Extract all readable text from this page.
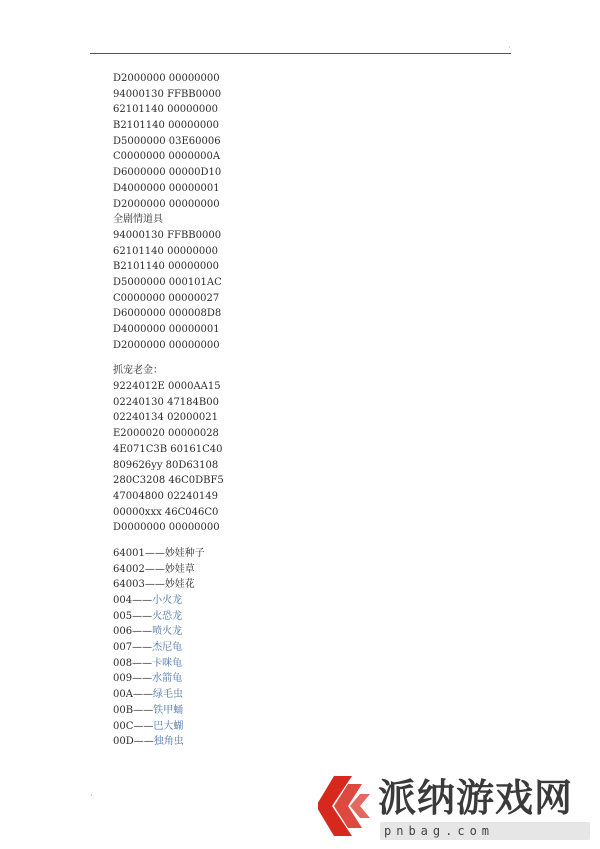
·
·
D2000000 00000000
94000130 FFBB0000
62101140 00000000
B2101140 00000000
D5000000 03E60006
C0000000 0000000A
D6000000 00000D10
D4000000 00000001
D2000000 00000000
全剧情道具
94000130 FFBB0000
62101140 00000000
B2101140 00000000
D5000000 000101AC
C0000000 00000027
D6000000 000008D8
D4000000 00000001
D2000000 00000000
抓宠老金：
9224012E 0000AA15
02240130 47184B00
02240134 02000021
E2000020 00000028
4E071C3B 60161C40
809626yy 80D63108
280C3208 46C0DBF5
47004800 02240149
00000xxx 46C046C0
D0000000 00000000
64001——妙娃种子
64002——妙娃草
64003——妙娃花
004——小火龙
005——火恐龙
006——喷火龙
007——杰尼龟
008——卡咪龟
009——水箭龟
00A——绿毛虫
00B——铁甲蛹
00C——巴大蝴
00D——独角虫
派纳游戏网
pnbag.com
